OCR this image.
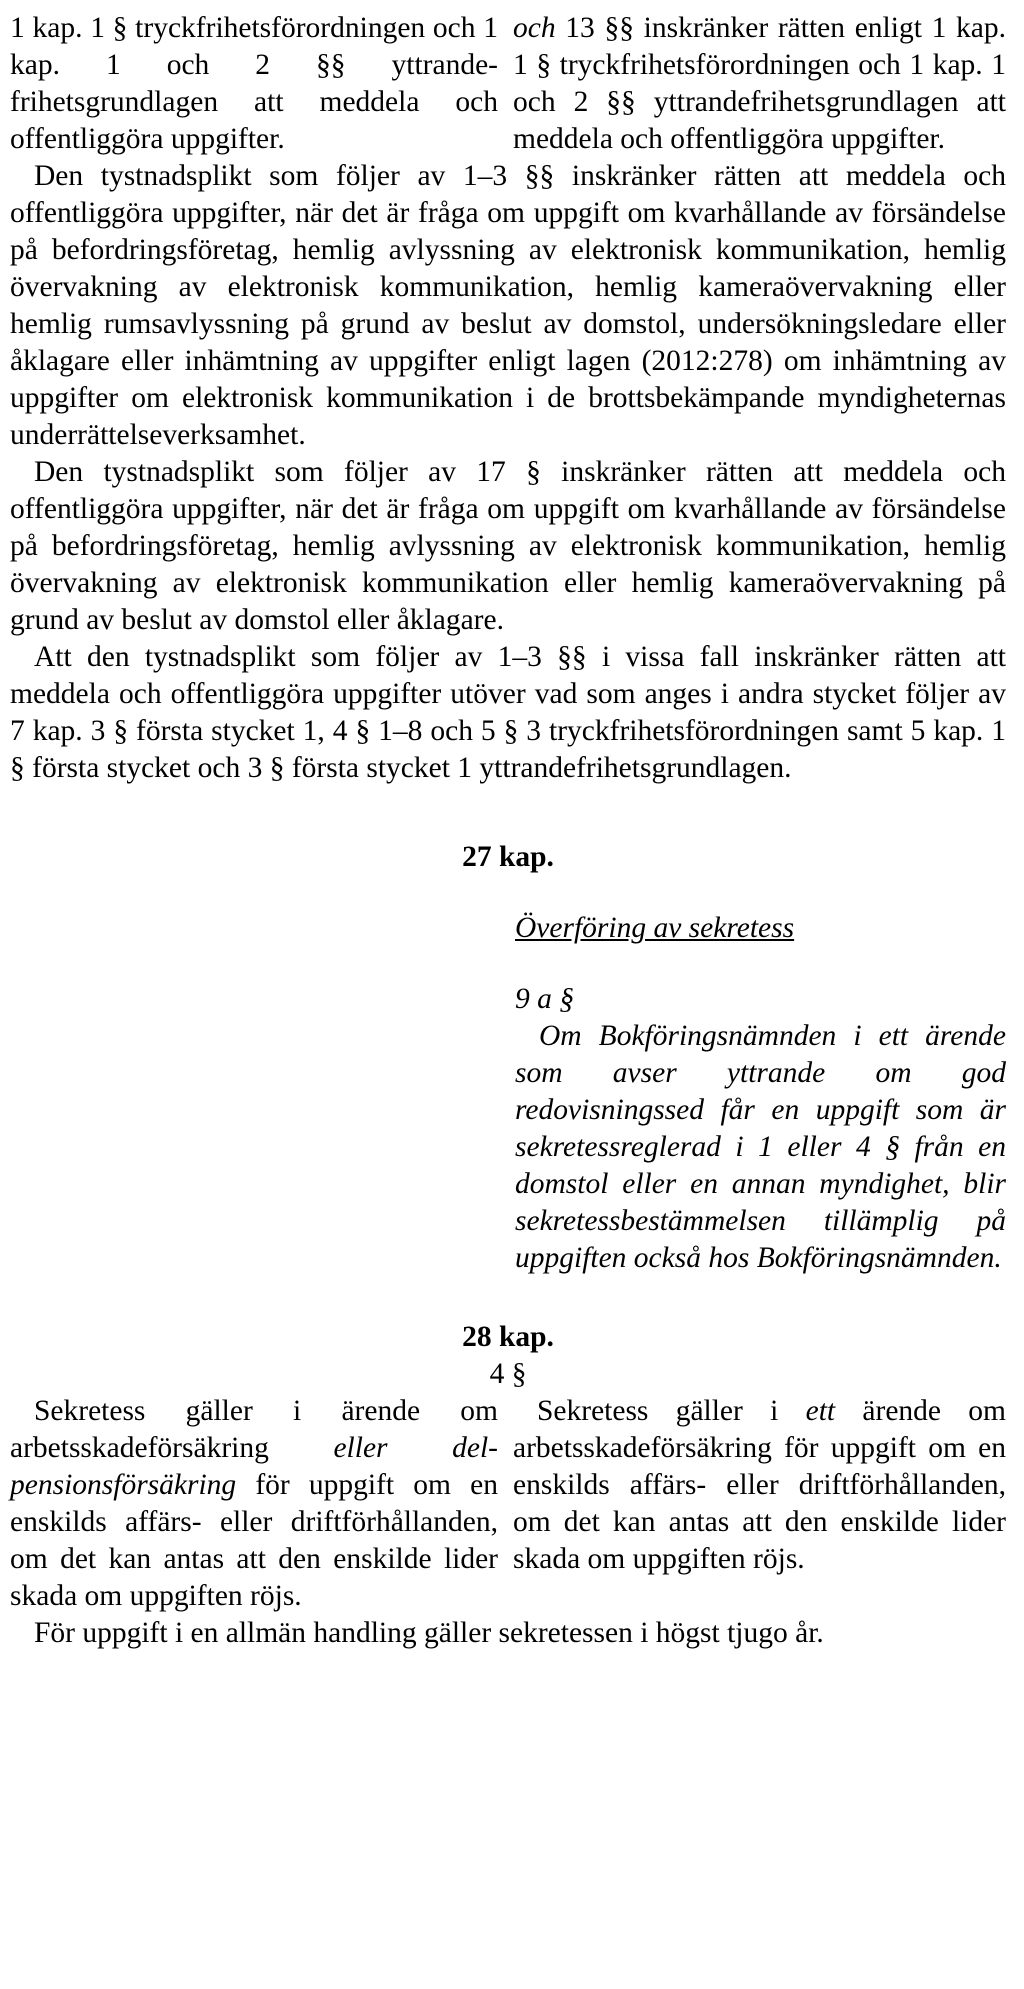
1 kap. 1 § tryckfrihetsförordningen och 1 kap. 1 och 2 §§ yttrandefrihetsgrundlagen att meddela och offentliggöra uppgifter.

och 13 §§ inskränker rätten enligt 1 kap. 1 § tryckfrihetsförordningen och 1 kap. 1 och 2 §§ yttrandefrihetsgrundlagen att meddela och offentliggöra uppgifter.

Den tystnadsplikt som följer av 1–3 §§ inskränker rätten att meddela och offentliggöra uppgifter, när det är fråga om uppgift om kvarhållande av försändelse på befordringsföretag, hemlig avlyssning av elektronisk kommunikation, hemlig övervakning av elektronisk kommunikation, hemlig kameraövervakning eller hemlig rumsavlyssning på grund av beslut av domstol, undersökningsledare eller åklagare eller inhämtning av uppgifter enligt lagen (2012:278) om inhämtning av uppgifter om elektronisk kommunikation i de brottsbekämpande myndigheternas underrättelseverksamhet.

Den tystnadsplikt som följer av 17 § inskränker rätten att meddela och offentliggöra uppgifter, när det är fråga om uppgift om kvarhållande av försändelse på befordringsföretag, hemlig avlyssning av elektronisk kommunikation, hemlig övervakning av elektronisk kommunikation eller hemlig kameraövervakning på grund av beslut av domstol eller åklagare.

Att den tystnadsplikt som följer av 1–3 §§ i vissa fall inskränker rätten att meddela och offentliggöra uppgifter utöver vad som anges i andra stycket följer av 7 kap. 3 § första stycket 1, 4 § 1–8 och 5 § 3 tryckfrihetsförordningen samt 5 kap. 1 § första stycket och 3 § första stycket 1 yttrandefrihetsgrundlagen.

27 kap.
Överföring av sekretess
9 a §

Om Bokföringsnämnden i ett ärende som avser yttrande om god redovisningssed får en uppgift som är sekretessreglerad i 1 eller 4 § från en domstol eller en annan myndighet, blir sekretessbestämmelsen tillämplig på uppgiften också hos Bokföringsnämnden.

28 kap.
4 §

Sekretess gäller i ärende om arbetsskadeförsäkring eller delpensionsförsäkring för uppgift om en enskilds affärs- eller driftförhållanden, om det kan antas att den enskilde lider skada om uppgiften röjs.

Sekretess gäller i ett ärende om arbetsskadeförsäkring för uppgift om en enskilds affärs- eller driftförhållanden, om det kan antas att den enskilde lider skada om uppgiften röjs.

För uppgift i en allmän handling gäller sekretessen i högst tjugo år.
